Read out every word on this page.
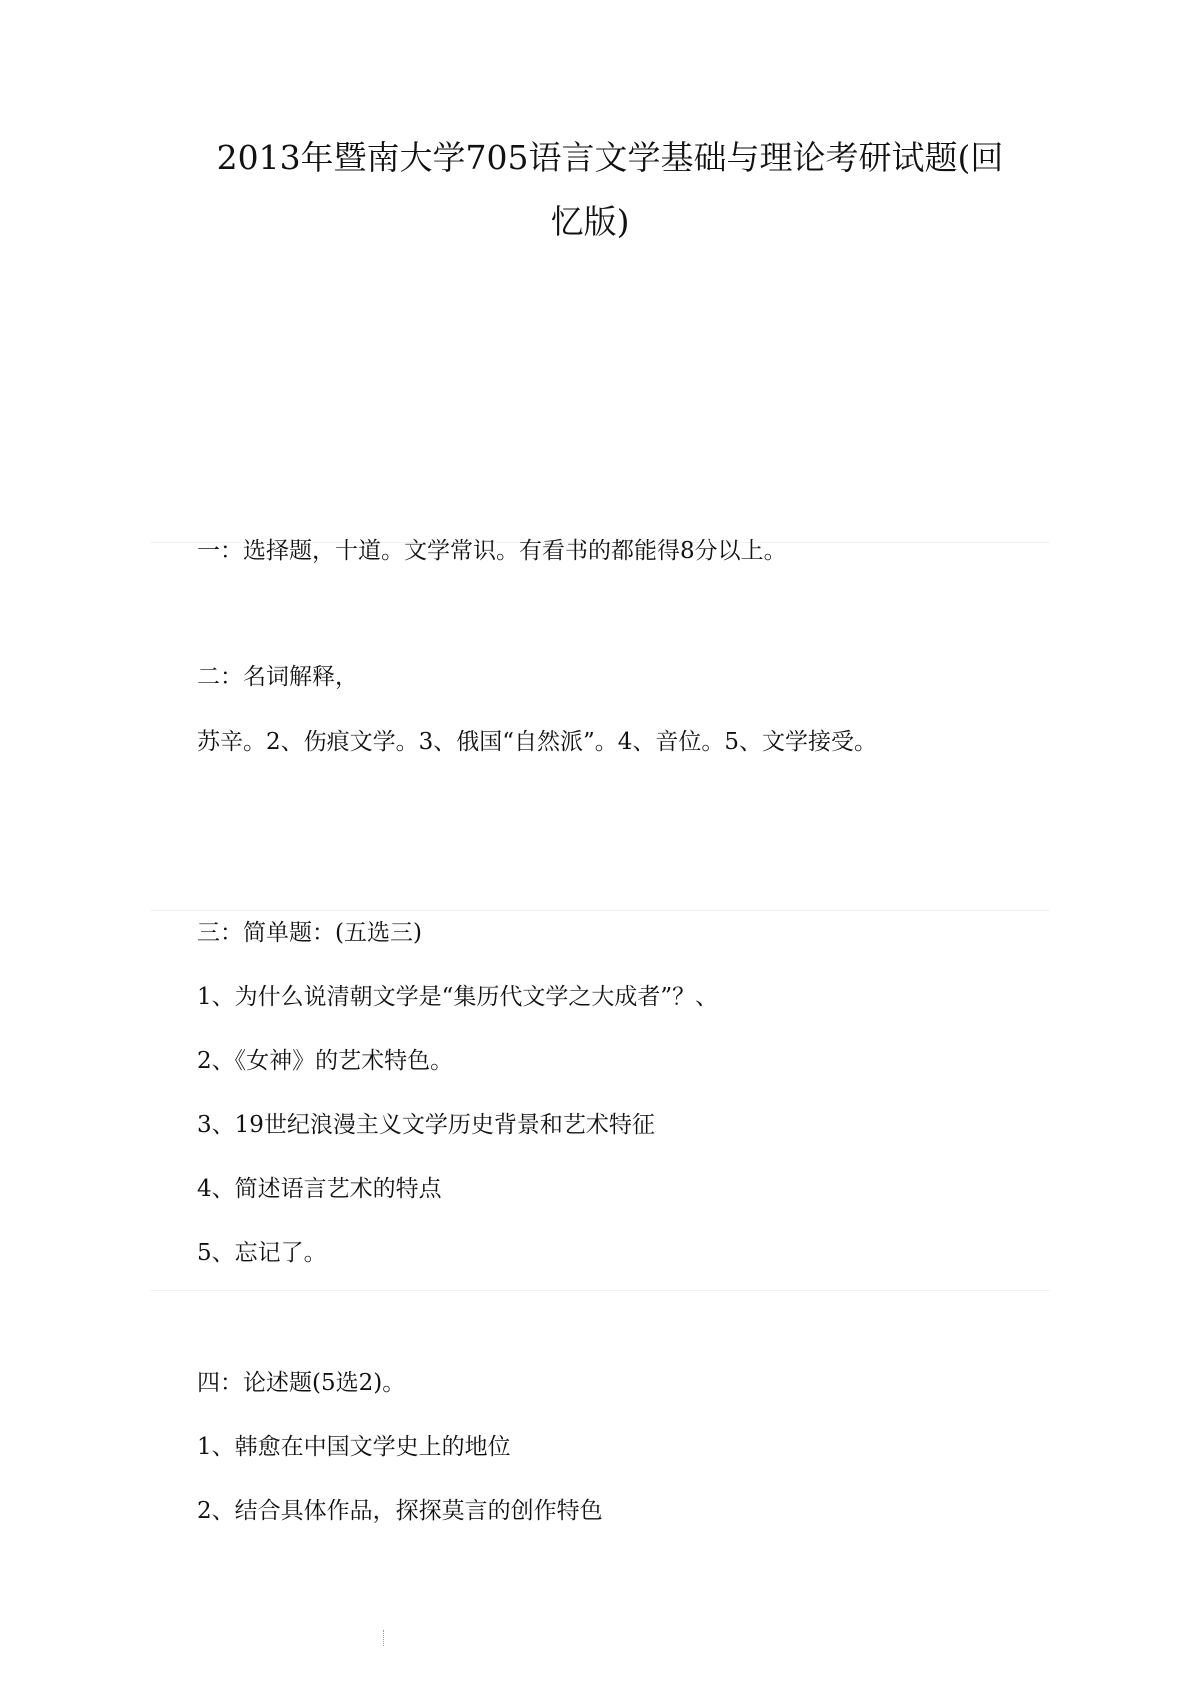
2013年暨南大学705语言文学基础与理论考研试题(回
忆版)
一：选择题，十道。文学常识。有看书的都能得8分以上。
二：名词解释，
苏辛。2、伤痕文学。3、俄国“自然派”。4、音位。5、文学接受。
三：简单题：(五选三)
1、为什么说清朝文学是“集历代文学之大成者”？、
2、《女神》的艺术特色。
3、19世纪浪漫主义文学历史背景和艺术特征
4、简述语言艺术的特点
5、忘记了。
四：论述题(5选2)。
1、韩愈在中国文学史上的地位
2、结合具体作品，探探莫言的创作特色
